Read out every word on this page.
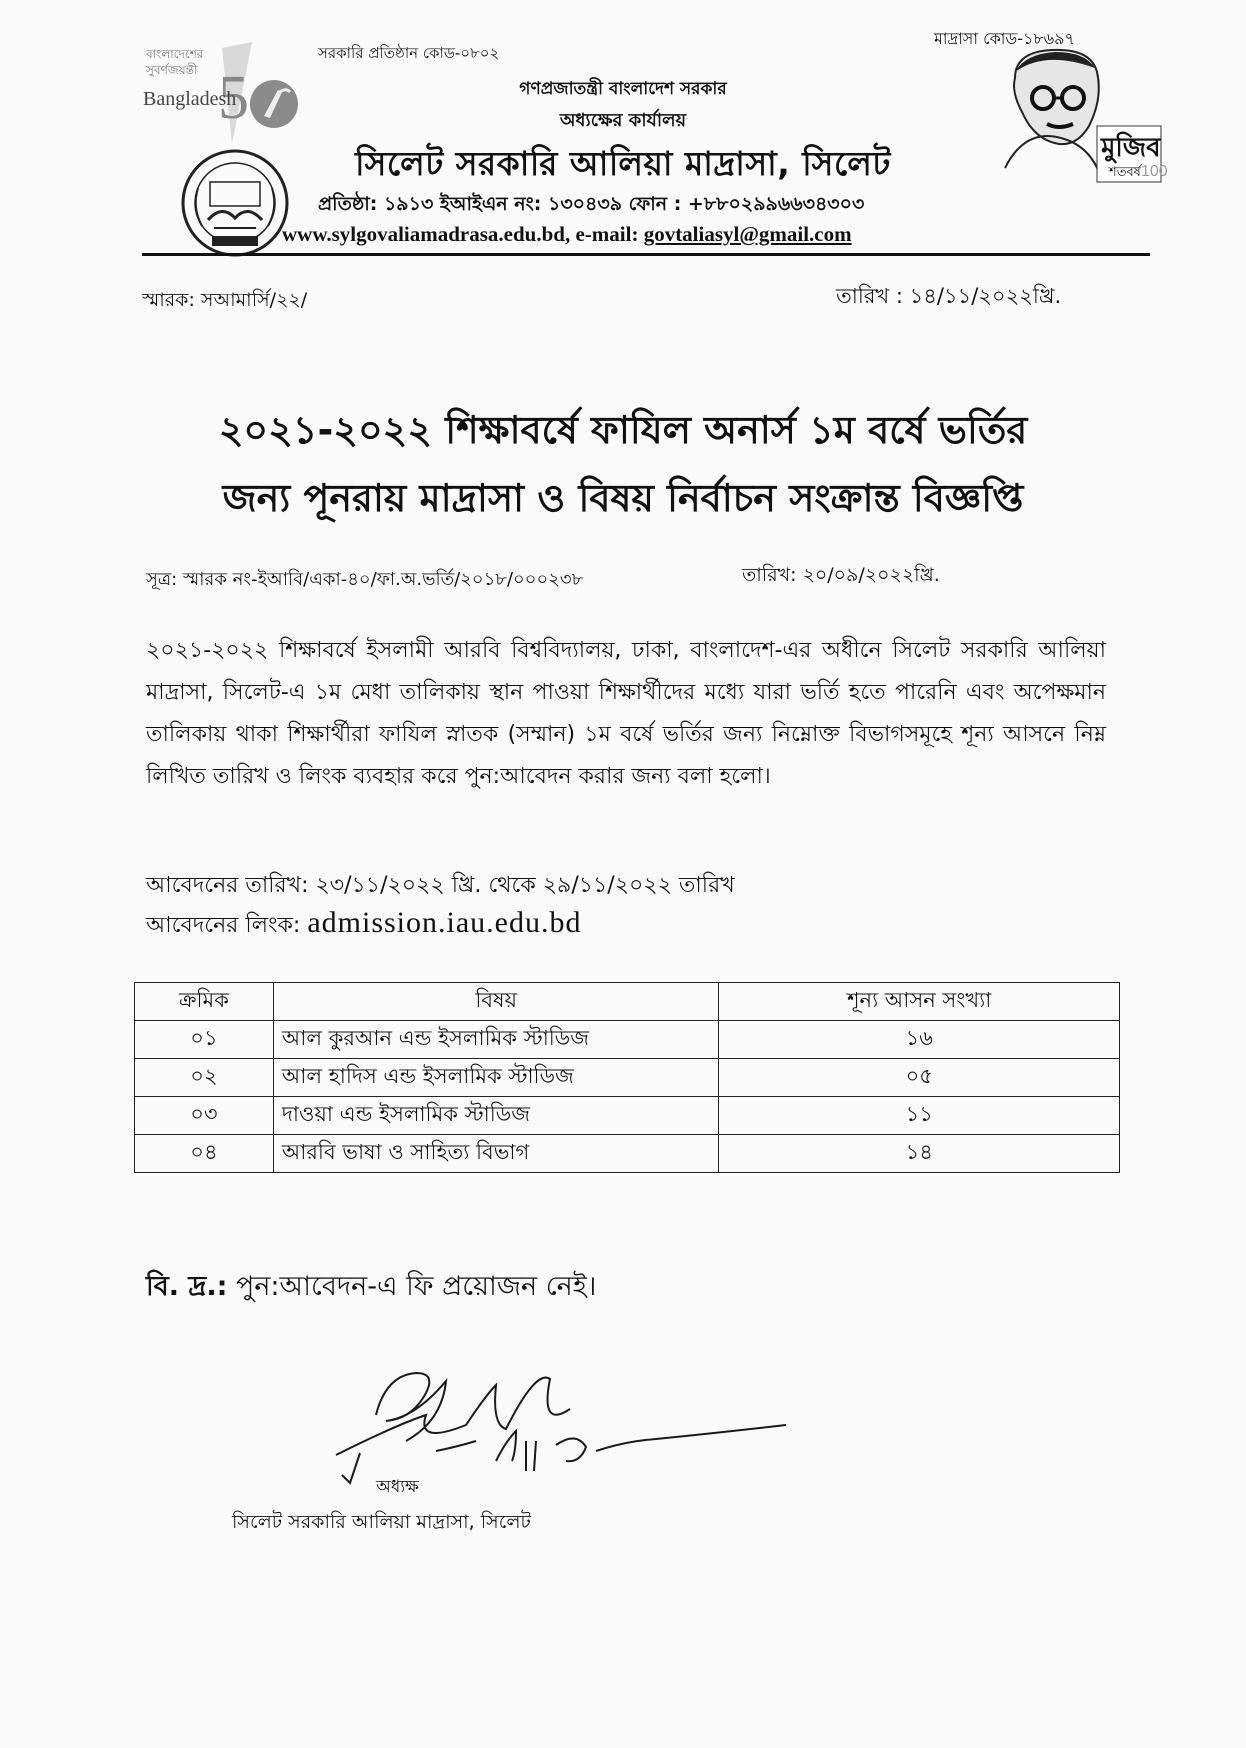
বাংলাদেশের
সুবর্ণজয়ন্তী 5
Bangladesh
মুজিব
শতবর্ষ 100
সরকারি প্রতিষ্ঠান কোড-০৮০২
মাদ্রাসা কোড-১৮৬৯৭
গণপ্রজাতন্ত্রী বাংলাদেশ সরকার
অধ্যক্ষের কার্যালয়
সিলেট সরকারি আলিয়া মাদ্রাসা, সিলেট
প্রতিষ্ঠা: ১৯১৩ ইআইএন নং: ১৩০৪৩৯ ফোন : +৮৮০২৯৯৬৬৩৪৩০৩
www.sylgovaliamadrasa.edu.bd, e-mail: govtaliasyl@gmail.com
স্মারক: সআমার্সি/২২/	তারিখ : ১৪/১১/২০২২খ্রি.
২০২১-২০২২ শিক্ষাবর্ষে ফাযিল অনার্স ১ম বর্ষে ভর্তির
জন্য পূনরায় মাদ্রাসা ও বিষয় নির্বাচন সংক্রান্ত বিজ্ঞপ্তি
সূত্র: স্মারক নং-ইআবি/একা-৪০/ফা.অ.ভর্তি/২০১৮/০০০২৩৮	তারিখ: ২০/০৯/২০২২খ্রি.
২০২১-২০২২ শিক্ষাবর্ষে ইসলামী আরবি বিশ্ববিদ্যালয়, ঢাকা, বাংলাদেশ-এর অধীনে সিলেট সরকারি আলিয়া মাদ্রাসা, সিলেট-এ ১ম মেধা তালিকায় স্থান পাওয়া শিক্ষার্থীদের মধ্যে যারা ভর্তি হতে পারেনি এবং অপেক্ষমান তালিকায় থাকা শিক্ষার্থীরা ফাযিল স্নাতক (সম্মান) ১ম বর্ষে ভর্তির জন্য নিম্নোক্ত বিভাগসমূহে শূন্য আসনে নিম্ন লিখিত তারিখ ও লিংক ব্যবহার করে পুন:আবেদন করার জন্য বলা হলো।
আবেদনের তারিখ: ২৩/১১/২০২২ খ্রি. থেকে ২৯/১১/২০২২ তারিখ
আবেদনের লিংক: admission.iau.edu.bd
ক্রমিক	বিষয়	শূন্য আসন সংখ্যা
০১	আল কুরআন এন্ড ইসলামিক স্টাডিজ	১৬
০২	আল হাদিস এন্ড ইসলামিক স্টাডিজ	০৫
০৩	দাওয়া এন্ড ইসলামিক স্টাডিজ	১১
০৪	আরবি ভাষা ও সাহিত্য বিভাগ	১৪
বি. দ্র.: পুন:আবেদন-এ ফি প্রয়োজন নেই।
অধ্যক্ষ
সিলেট সরকারি আলিয়া মাদ্রাসা, সিলেট
